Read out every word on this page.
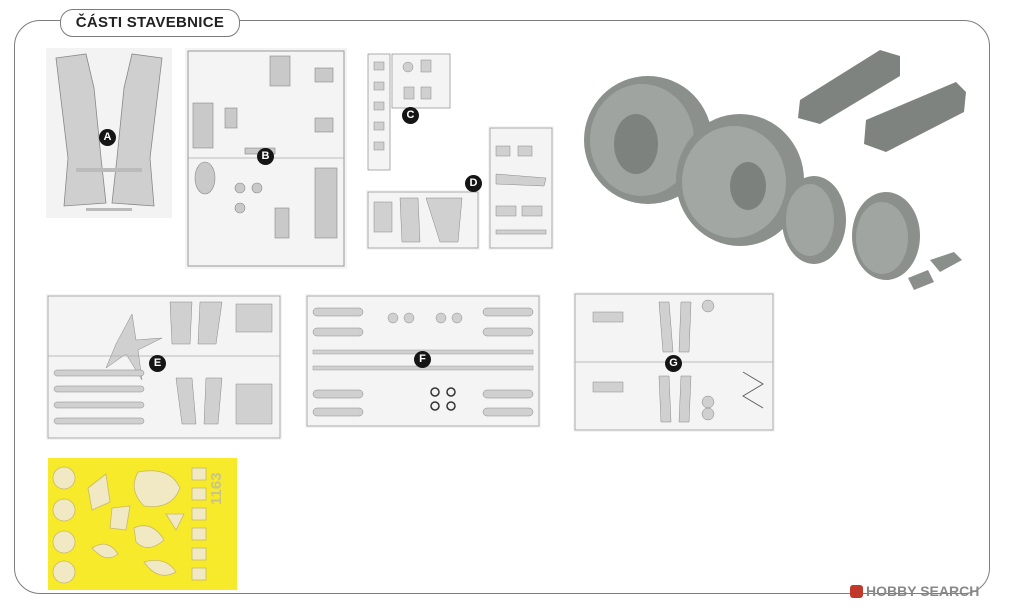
ČÁSTI STAVEBNICE
A
B
C
D
E	F	G
1163
HOBBY SEARCH
